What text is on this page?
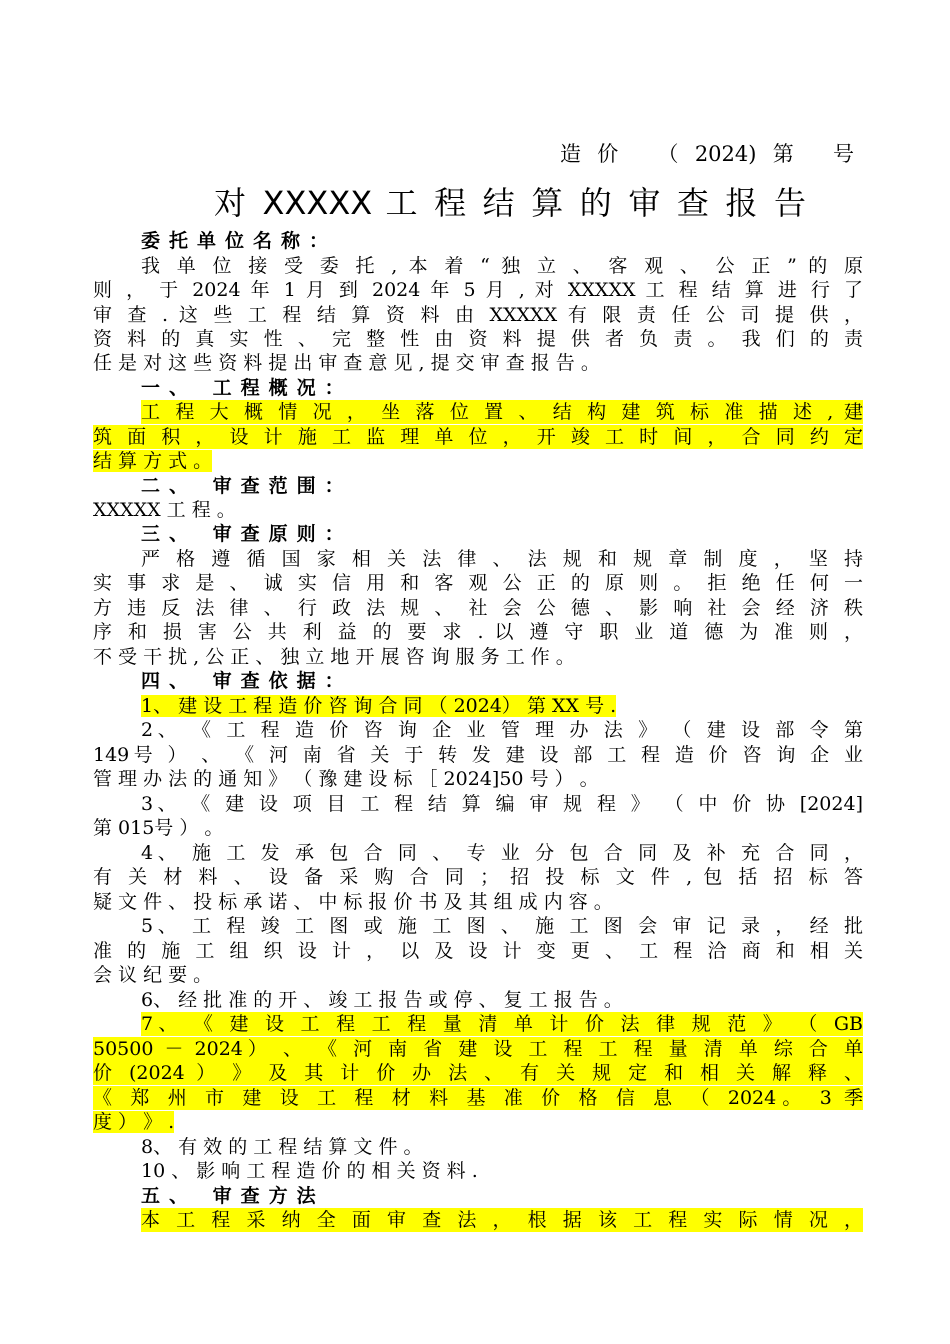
造价 （2024)第 号
对 XXXXX 工 程 结 算 的 审 查 报 告
委托单位名称：
我 单 位 接 受 委 托 , 本 着 “ 独 立 、 客 观 、 公 正 ” 的 原
则 ， 于 2024 年 1 月 到 2024 年 5 月 , 对 XXXXX 工 程 结 算 进 行 了
审 查 . 这 些 工 程 结 算 资 料 由 XXXXX 有 限 责 任 公 司 提 供 ，
资 料 的 真 实 性 、 完 整 性 由 资 料 提 供 者 负 责 。 我 们 的 责
任 是 对 这 些 资 料 提 出 审 查 意 见 , 提 交 审 查 报 告 。
一、 工程概况：
工 程 大 概 情 况 ， 坐 落 位 置 、 结 构 建 筑 标 准 描 述 , 建
筑 面 积 ， 设 计 施 工 监 理 单 位 ， 开 竣 工 时 间 ， 合 同 约 定
结 算 方 式 。
二、 审查范围：
XXXXX 工 程 。
三、 审查原则：
严 格 遵 循 国 家 相 关 法 律 、 法 规 和 规 章 制 度 ， 坚 持
实 事 求 是 、 诚 实 信 用 和 客 观 公 正 的 原 则 。 拒 绝 任 何 一
方 违 反 法 律 、 行 政 法 规 、 社 会 公 德 、 影 响 社 会 经 济 秩
序 和 损 害 公 共 利 益 的 要 求 . 以 遵 守 职 业 道 德 为 准 则 ，
不 受 干 扰 , 公 正 、 独 立 地 开 展 咨 询 服 务 工 作 。
四、 审查依据：
1、 建 设 工 程 造 价 咨 询 合 同 （ 2024） 第 XX 号 .
2、 《 工 程 造 价 咨 询 企 业 管 理 办 法 》 （ 建 设 部 令 第
149号 ） 、 《 河 南 省 关 于 转 发 建 设 部 工 程 造 价 咨 询 企 业
管 理 办 法 的 通 知 》 （ 豫 建 设 标 ［ 2024]50 号 ） 。
3、 《 建 设 项 目 工 程 结 算 编 审 规 程 》 （ 中 价 协 [2024]
第 015号 ） 。
4、 施 工 发 承 包 合 同 、 专 业 分 包 合 同 及 补 充 合 同 ，
有 关 材 料 、 设 备 采 购 合 同 ； 招 投 标 文 件 , 包 括 招 标 答
疑 文 件 、 投 标 承 诺 、 中 标 报 价 书 及 其 组 成 内 容 。
5、 工 程 竣 工 图 或 施 工 图 、 施 工 图 会 审 记 录 ， 经 批
准 的 施 工 组 织 设 计 ， 以 及 设 计 变 更 、 工 程 洽 商 和 相 关
会 议 纪 要 。
6、 经 批 准 的 开 、 竣 工 报 告 或 停 、 复 工 报 告 。
7、 《 建 设 工 程 工 程 量 清 单 计 价 法 律 规 范 》 （ GB
50500 － 2024） 、 《 河 南 省 建 设 工 程 工 程 量 清 单 综 合 单
价 (2024 ） 》 及 其 计 价 办 法 、 有 关 规 定 和 相 关 解 释 、
《 郑 州 市 建 设 工 程 材 料 基 准 价 格 信 息 （ 2024。 3 季
度 ） 》 .
8、 有 效 的 工 程 结 算 文 件 。
10 、 影 响 工 程 造 价 的 相 关 资 料 .
五、 审查方法
本 工 程 采 纳 全 面 审 查 法 ， 根 据 该 工 程 实 际 情 况 ，
